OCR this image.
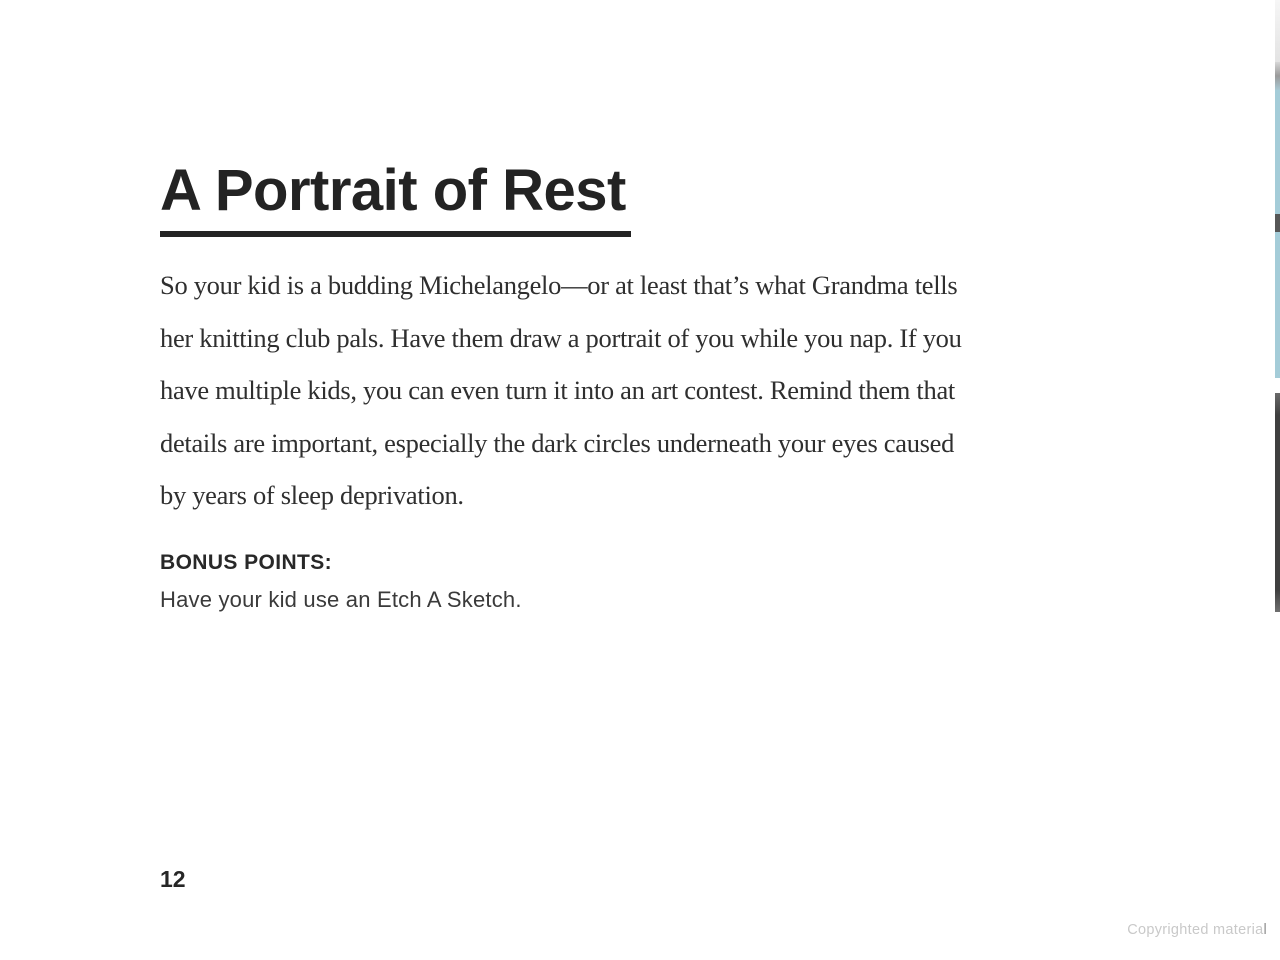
A Portrait of Rest
So your kid is a budding Michelangelo—or at least that’s what Grandma tells
her knitting club pals. Have them draw a portrait of you while you nap. If you
have multiple kids, you can even turn it into an art contest. Remind them that
details are important, especially the dark circles underneath your eyes caused
by years of sleep deprivation.
BONUS POINTS:
Have your kid use an Etch A Sketch.
12
Copyrighted material
